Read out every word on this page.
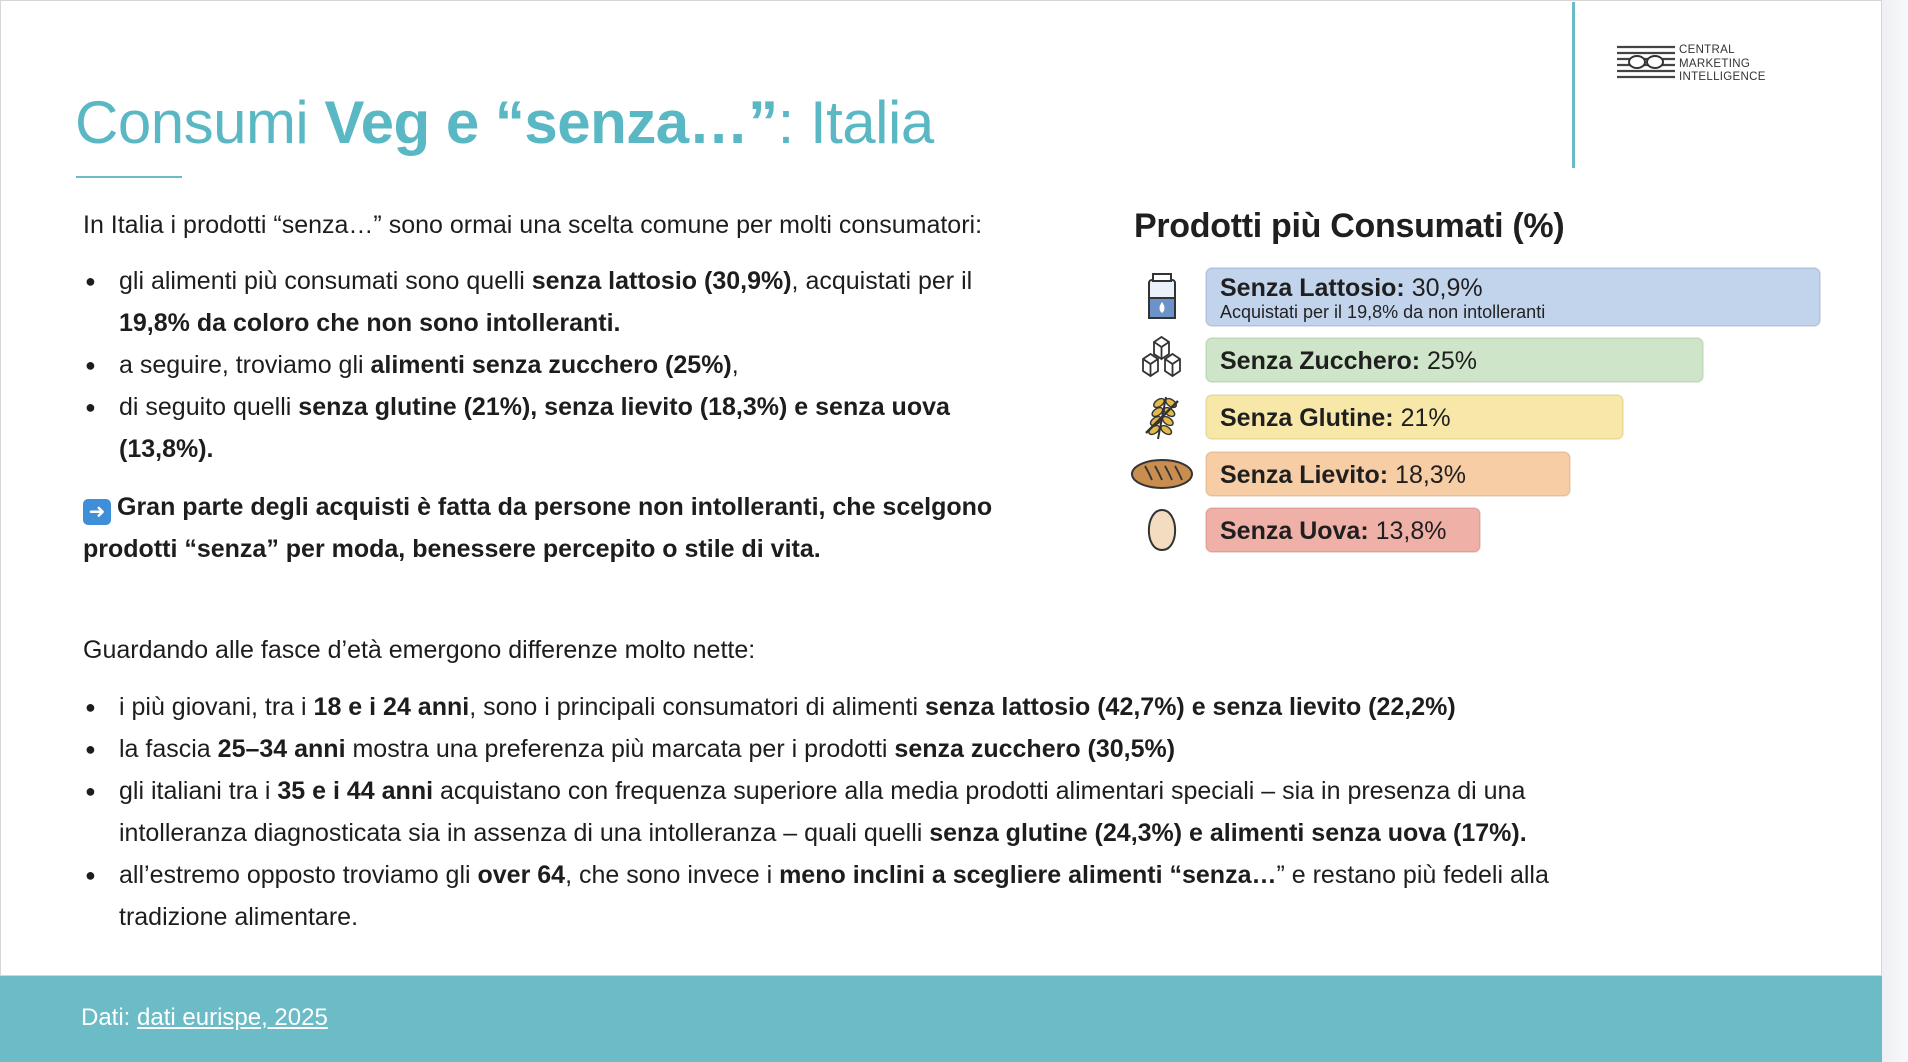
CENTRAL
MARKETING
INTELLIGENCE
Consumi Veg e “senza…”: Italia
In Italia i prodotti “senza…” sono ormai una scelta comune per molti consumatori:
● gli alimenti più consumati sono quelli senza lattosio (30,9%), acquistati per il
19,8% da coloro che non sono intolleranti.
● a seguire, troviamo gli alimenti senza zucchero (25%),
● di seguito quelli senza glutine (21%), senza lievito (18,3%) e senza uova (13,8%).
➜ Gran parte degli acquisti è fatta da persone non intolleranti, che scelgono
prodotti “senza” per moda, benessere percepito o stile di vita.
Guardando alle fasce d’età emergono differenze molto nette:
● i più giovani, tra i 18 e i 24 anni, sono i principali consumatori di alimenti senza lattosio (42,7%) e senza lievito (22,2%)
● la fascia 25–34 anni mostra una preferenza più marcata per i prodotti senza zucchero (30,5%)
● gli italiani tra i 35 e i 44 anni acquistano con frequenza superiore alla media prodotti alimentari speciali – sia in presenza di una
intolleranza diagnosticata sia in assenza di una intolleranza – quali quelli senza glutine (24,3%) e alimenti senza uova (17%).
● all’estremo opposto troviamo gli over 64, che sono invece i meno inclini a scegliere alimenti “senza…” e restano più fedeli alla
tradizione alimentare.
Prodotti più Consumati (%)
Senza Lattosio: 30,9%
Acquistati per il 19,8% da non intolleranti
Senza Zucchero: 25%
Senza Glutine: 21%
Senza Lievito: 18,3%
Senza Uova: 13,8%
Dati: dati eurispe, 2025
